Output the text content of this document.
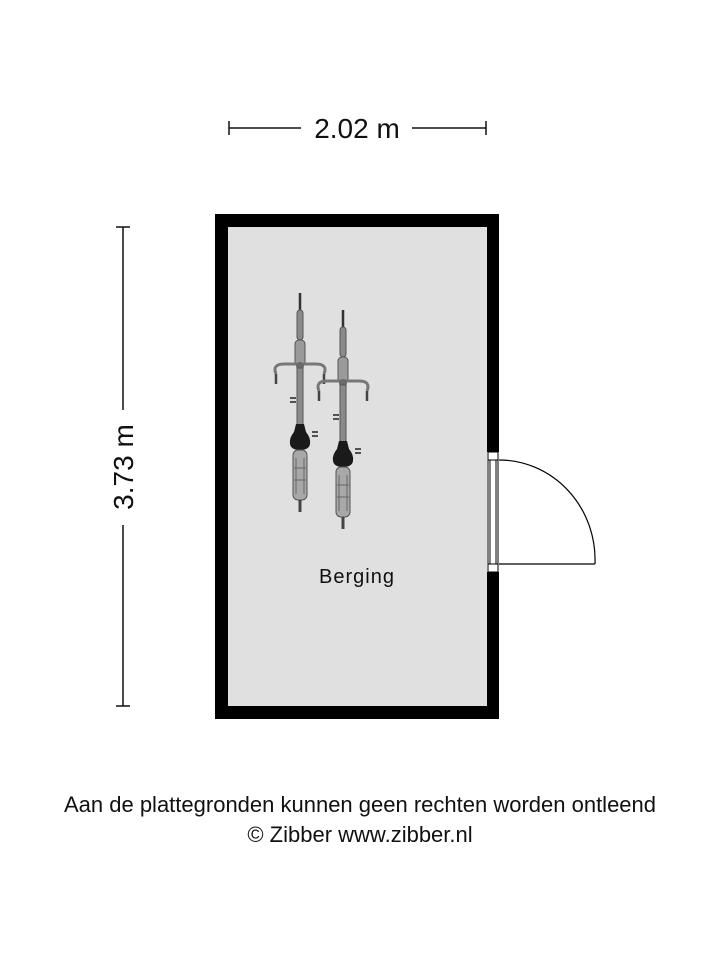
2.02 m
3.73 m
Berging
Aan de plattegronden kunnen geen rechten worden ontleend
© Zibber www.zibber.nl
